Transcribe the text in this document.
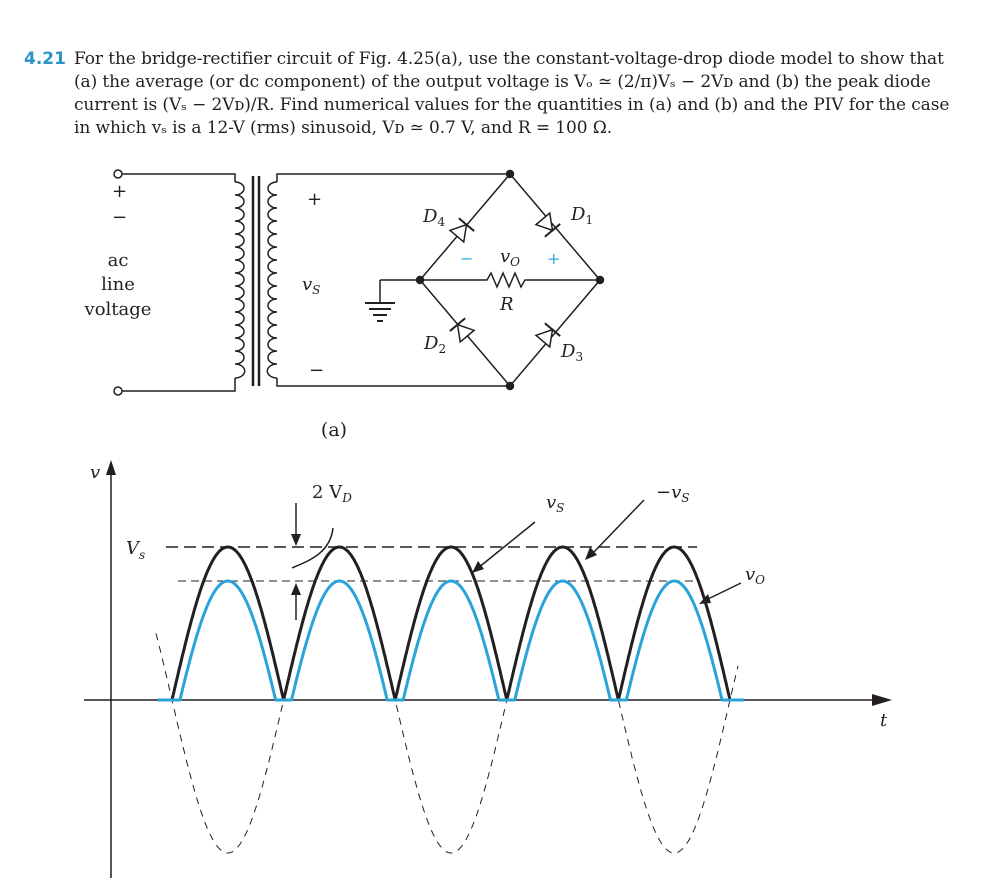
4.21 For the bridge-rectifier circuit of Fig. 4.25(a), use the constant-voltage-drop diode model to show that
(a) the average (or dc component) of the output voltage is Vₒ ≃ (2/π)Vₛ − 2Vᴅ and (b) the peak diode
current is (Vₛ − 2Vᴅ)/R. Find numerical values for the quantities in (a) and (b) and the PIV for the case
in which vₛ is a 12-V (rms) sinusoid, Vᴅ ≃ 0.7 V, and R = 100 Ω.
+
−
ac
line
voltage
+
−
$v_S$
$D_4$	$D_1$
$D_2$	$D_3$
− $v_O$ +
R
(a)
v
t
$V_s$
2 $V_D$	$v_S$
$-v_S$
$v_O$
